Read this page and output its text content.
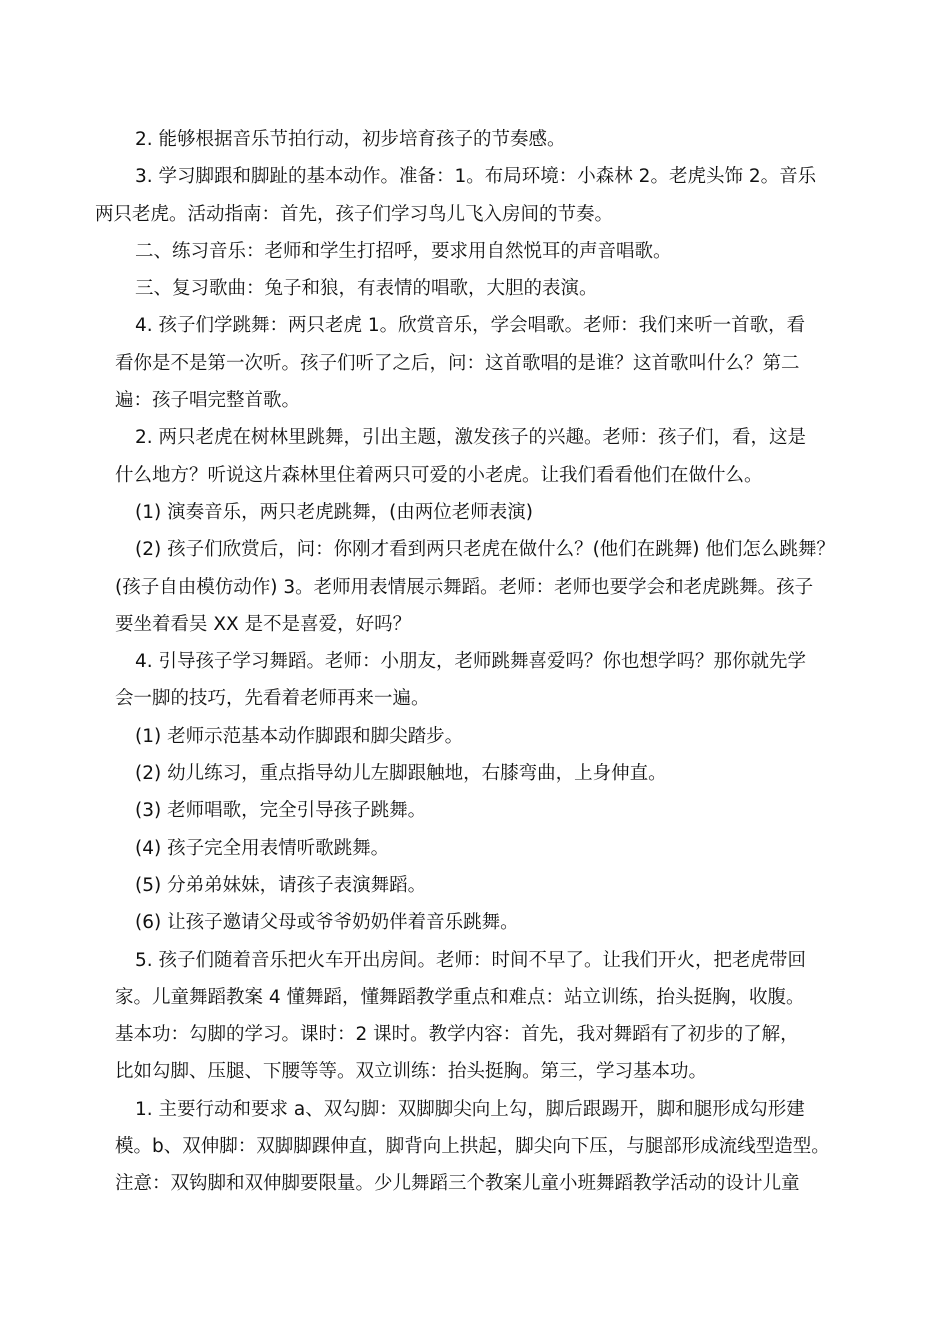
2. 能够根据音乐节拍行动，初步培育孩子的节奏感。

3. 学习脚跟和脚趾的基本动作。准备：1。布局环境：小森林 2。老虎头饰 2。音乐
两只老虎。活动指南：首先，孩子们学习鸟儿飞入房间的节奏。

二、练习音乐：老师和学生打招呼，要求用自然悦耳的声音唱歌。

三、复习歌曲：兔子和狼，有表情的唱歌，大胆的表演。

4. 孩子们学跳舞：两只老虎 1。欣赏音乐，学会唱歌。老师：我们来听一首歌，看
看你是不是第一次听。孩子们听了之后，问：这首歌唱的是谁？这首歌叫什么？第二
遍：孩子唱完整首歌。

2. 两只老虎在树林里跳舞，引出主题，激发孩子的兴趣。老师：孩子们，看，这是
什么地方？听说这片森林里住着两只可爱的小老虎。让我们看看他们在做什么。

(1) 演奏音乐，两只老虎跳舞，(由两位老师表演)

(2) 孩子们欣赏后，问：你刚才看到两只老虎在做什么？(他们在跳舞) 他们怎么跳舞？
(孩子自由模仿动作) 3。老师用表情展示舞蹈。老师：老师也要学会和老虎跳舞。孩子
要坐着看吴 XX 是不是喜爱，好吗？

4. 引导孩子学习舞蹈。老师：小朋友，老师跳舞喜爱吗？你也想学吗？那你就先学
会一脚的技巧，先看着老师再来一遍。

(1) 老师示范基本动作脚跟和脚尖踏步。

(2) 幼儿练习，重点指导幼儿左脚跟触地，右膝弯曲，上身伸直。

(3) 老师唱歌，完全引导孩子跳舞。

(4) 孩子完全用表情听歌跳舞。

(5) 分弟弟妹妹，请孩子表演舞蹈。

(6) 让孩子邀请父母或爷爷奶奶伴着音乐跳舞。

5. 孩子们随着音乐把火车开出房间。老师：时间不早了。让我们开火，把老虎带回
家。儿童舞蹈教案 4 懂舞蹈，懂舞蹈教学重点和难点：站立训练，抬头挺胸，收腹。
基本功：勾脚的学习。课时：2 课时。教学内容：首先，我对舞蹈有了初步的了解，
比如勾脚、压腿、下腰等等。双立训练：抬头挺胸。第三，学习基本功。

1. 主要行动和要求 a、双勾脚：双脚脚尖向上勾，脚后跟踢开，脚和腿形成勾形建
模。b、双伸脚：双脚脚踝伸直，脚背向上拱起，脚尖向下压，与腿部形成流线型造型。
注意：双钩脚和双伸脚要限量。少儿舞蹈三个教案儿童小班舞蹈教学活动的设计儿童
